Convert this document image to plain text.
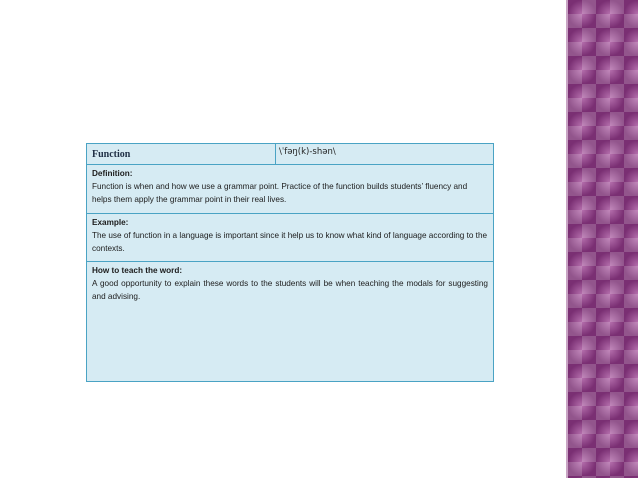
Function	\ˈfəŋ(k)-shən\
Definition:
Function is when and how we use a grammar point. Practice of the function builds students’ fluency and helps them apply the grammar point in their real lives.
Example:
The use of function in a language is important since it help us to know what kind of language according to the contexts.
How to teach the word:
A good opportunity to explain these words to the students will be when teaching the modals for suggesting and advising.
